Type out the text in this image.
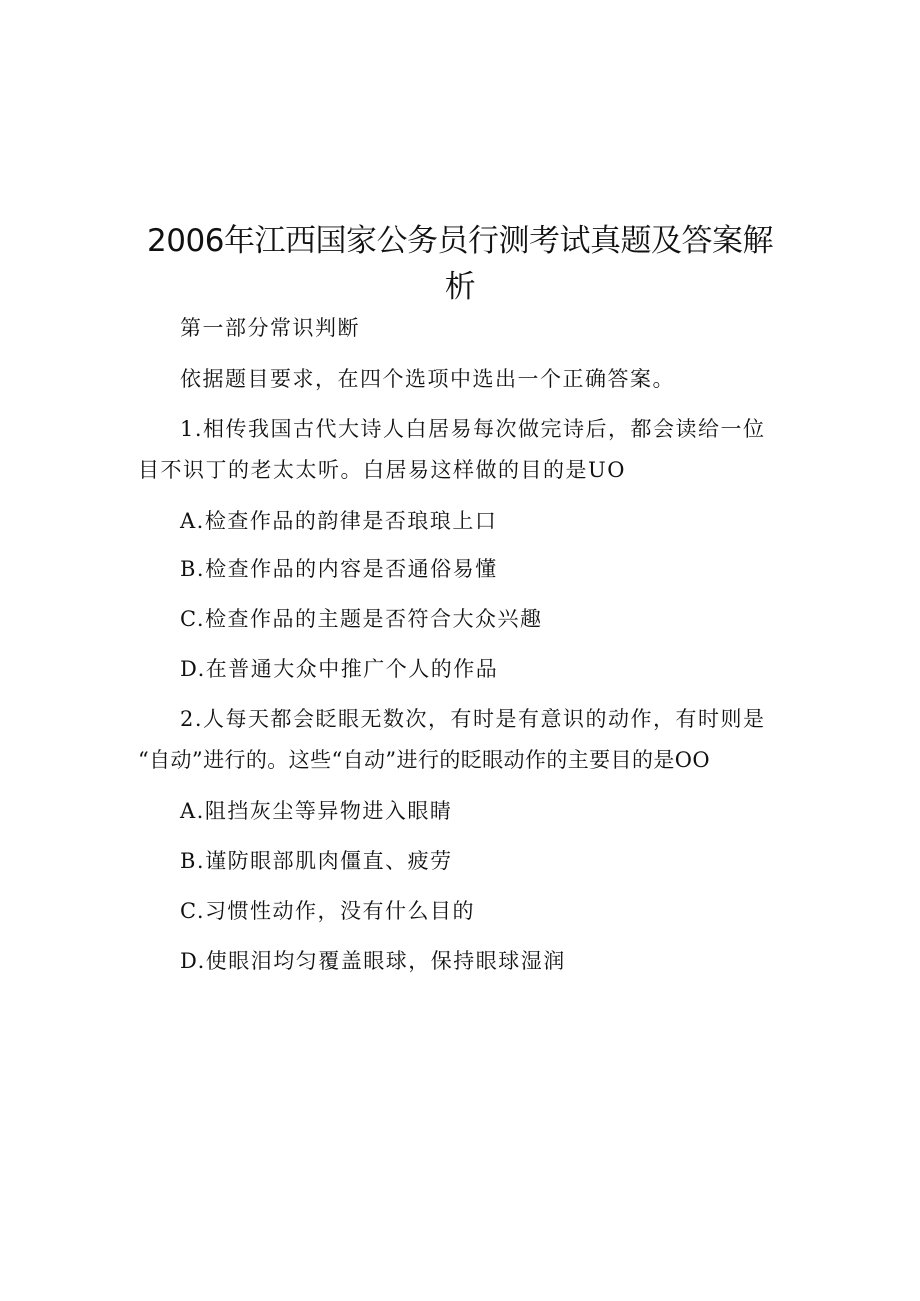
2006年江西国家公务员行测考试真题及答案解
析
第一部分常识判断
依据题目要求，在四个选项中选出一个正确答案。
1.相传我国古代大诗人白居易每次做完诗后，都会读给一位
目不识丁的老太太听。白居易这样做的目的是UO
A.检查作品的韵律是否琅琅上口
B.检查作品的内容是否通俗易懂
C.检查作品的主题是否符合大众兴趣
D.在普通大众中推广个人的作品
2.人每天都会眨眼无数次，有时是有意识的动作，有时则是
“自动”进行的。这些“自动”进行的眨眼动作的主要目的是OO
A.阻挡灰尘等异物进入眼睛
B.谨防眼部肌肉僵直、疲劳
C.习惯性动作，没有什么目的
D.使眼泪均匀覆盖眼球，保持眼球湿润
